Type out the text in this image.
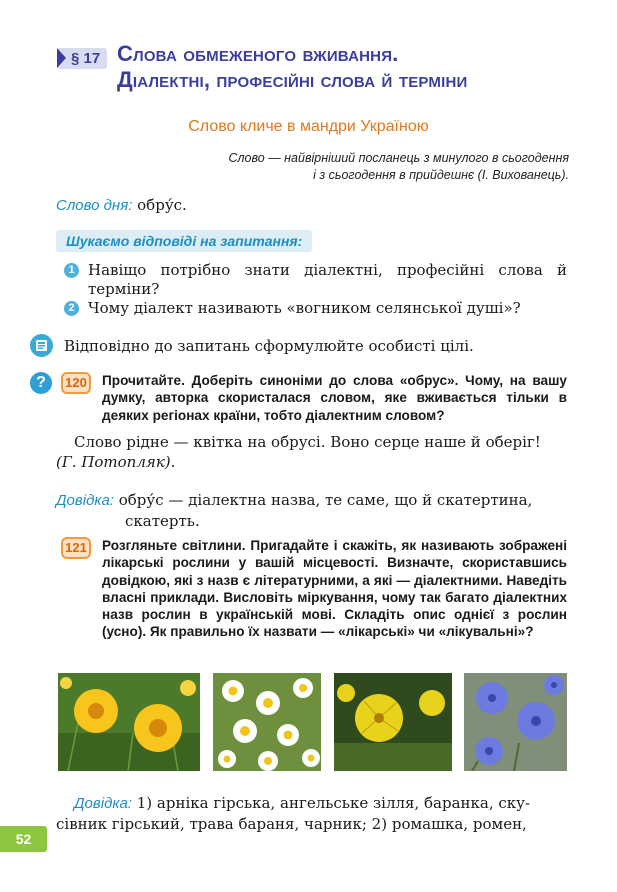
§ 17 Слова обмеженого вживання.
Діалектні, професійні слова й терміни
Слово кличе в мандри Україною
Слово — найвірніший посланець з минулого в сьогодення
і з сьогодення в прийдешнє (І. Вихованець).
Слово дня: обру́с.
Шукаємо відповіді на запитання:
1 Навіщо потрібно знати діалектні, професійні слова й терміни?
2 Чому діалект називають «вогником селянської душі»?
Відповідно до запитань сформулюйте особисті цілі.
?	120	Прочитайте. Доберіть синоніми до слова «обрус». Чому, на вашу думку, авторка скористалася словом, яке вживається тільки в деяких регіонах країни, тобто діалектним словом?
Слово рідне — квітка на обрусі. Воно серце наше й оберіг!
(Г. Потопляк).
Довідка: обру́с — діалектна назва, те саме, що й скатертина,
скатерть.
121	Розгляньте світлини. Пригадайте і скажіть, як називають зображені лікарські рослини у вашій місцевості. Визначте, скориставшись довідкою, які з назв є літературними, а які — діалектними. Наведіть власні приклади. Висловіть міркування, чому так багато діалектних назв рослин в українській мові. Складіть опис однієї з рослин (усно). Як правильно їх назвати — «лікарські» чи «лікувальні»?
Довідка: 1) арніка гірська, ангельське зілля, баранка, ску-
сівник гірський, трава бараня, чарник; 2) ромашка, ромен,
52
